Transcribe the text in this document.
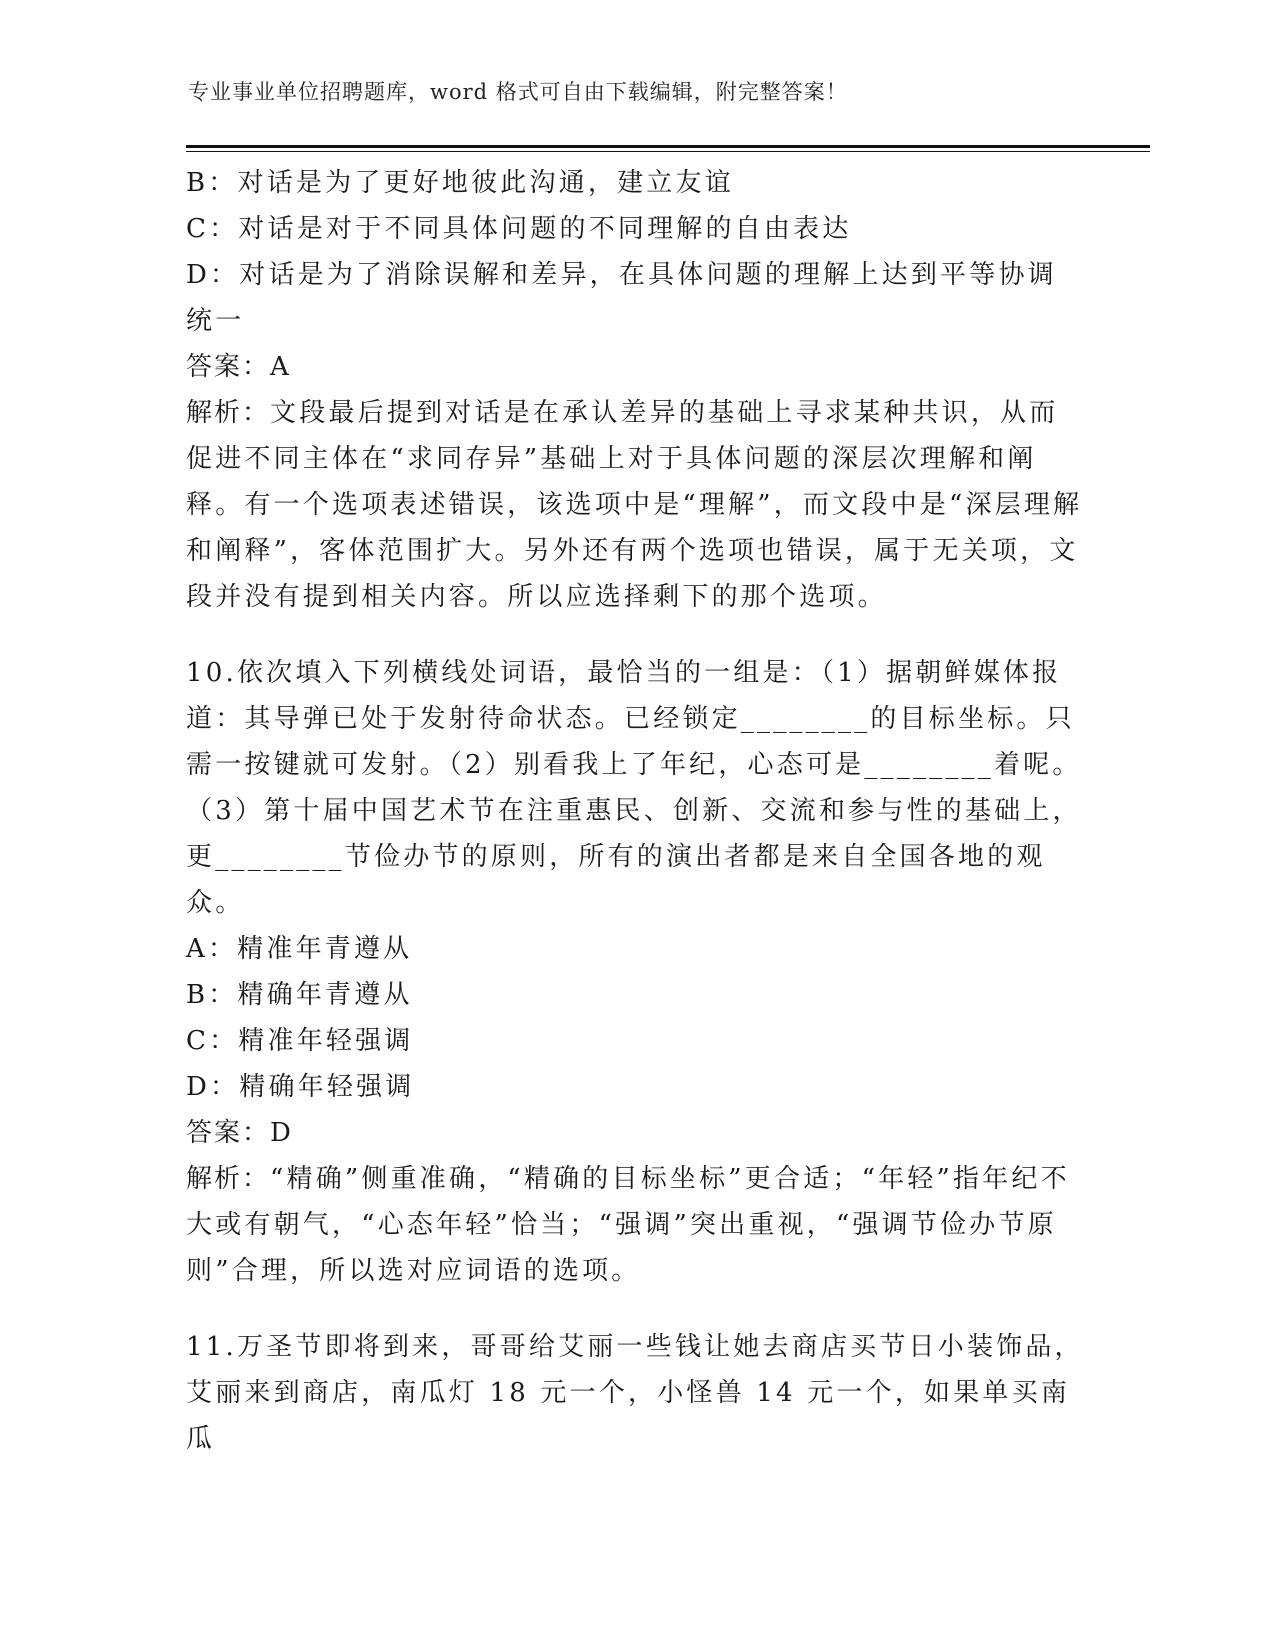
专业事业单位招聘题库，word 格式可自由下载编辑，附完整答案！
B：对话是为了更好地彼此沟通，建立友谊
C：对话是对于不同具体问题的不同理解的自由表达
D：对话是为了消除误解和差异，在具体问题的理解上达到平等协调统一
答案：A
解析：文段最后提到对话是在承认差异的基础上寻求某种共识，从而促进不同主体在“求同存异”基础上对于具体问题的深层次理解和阐释。有一个选项表述错误，该选项中是“理解”，而文段中是“深层理解和阐释”，客体范围扩大。另外还有两个选项也错误，属于无关项，文段并没有提到相关内容。所以应选择剩下的那个选项。
10.依次填入下列横线处词语，最恰当的一组是：（1）据朝鲜媒体报道：其导弹已处于发射待命状态。已经锁定________的目标坐标。只需一按键就可发射。（2）别看我上了年纪，心态可是________着呢。（3）第十届中国艺术节在注重惠民、创新、交流和参与性的基础上，更________节俭办节的原则，所有的演出者都是来自全国各地的观众。
A：精准年青遵从
B：精确年青遵从
C：精准年轻强调
D：精确年轻强调
答案：D
解析：“精确”侧重准确，“精确的目标坐标”更合适；“年轻”指年纪不大或有朝气，“心态年轻”恰当；“强调”突出重视，“强调节俭办节原则”合理，所以选对应词语的选项。
11.万圣节即将到来，哥哥给艾丽一些钱让她去商店买节日小装饰品，艾丽来到商店，南瓜灯 18 元一个，小怪兽 14 元一个，如果单买南瓜
